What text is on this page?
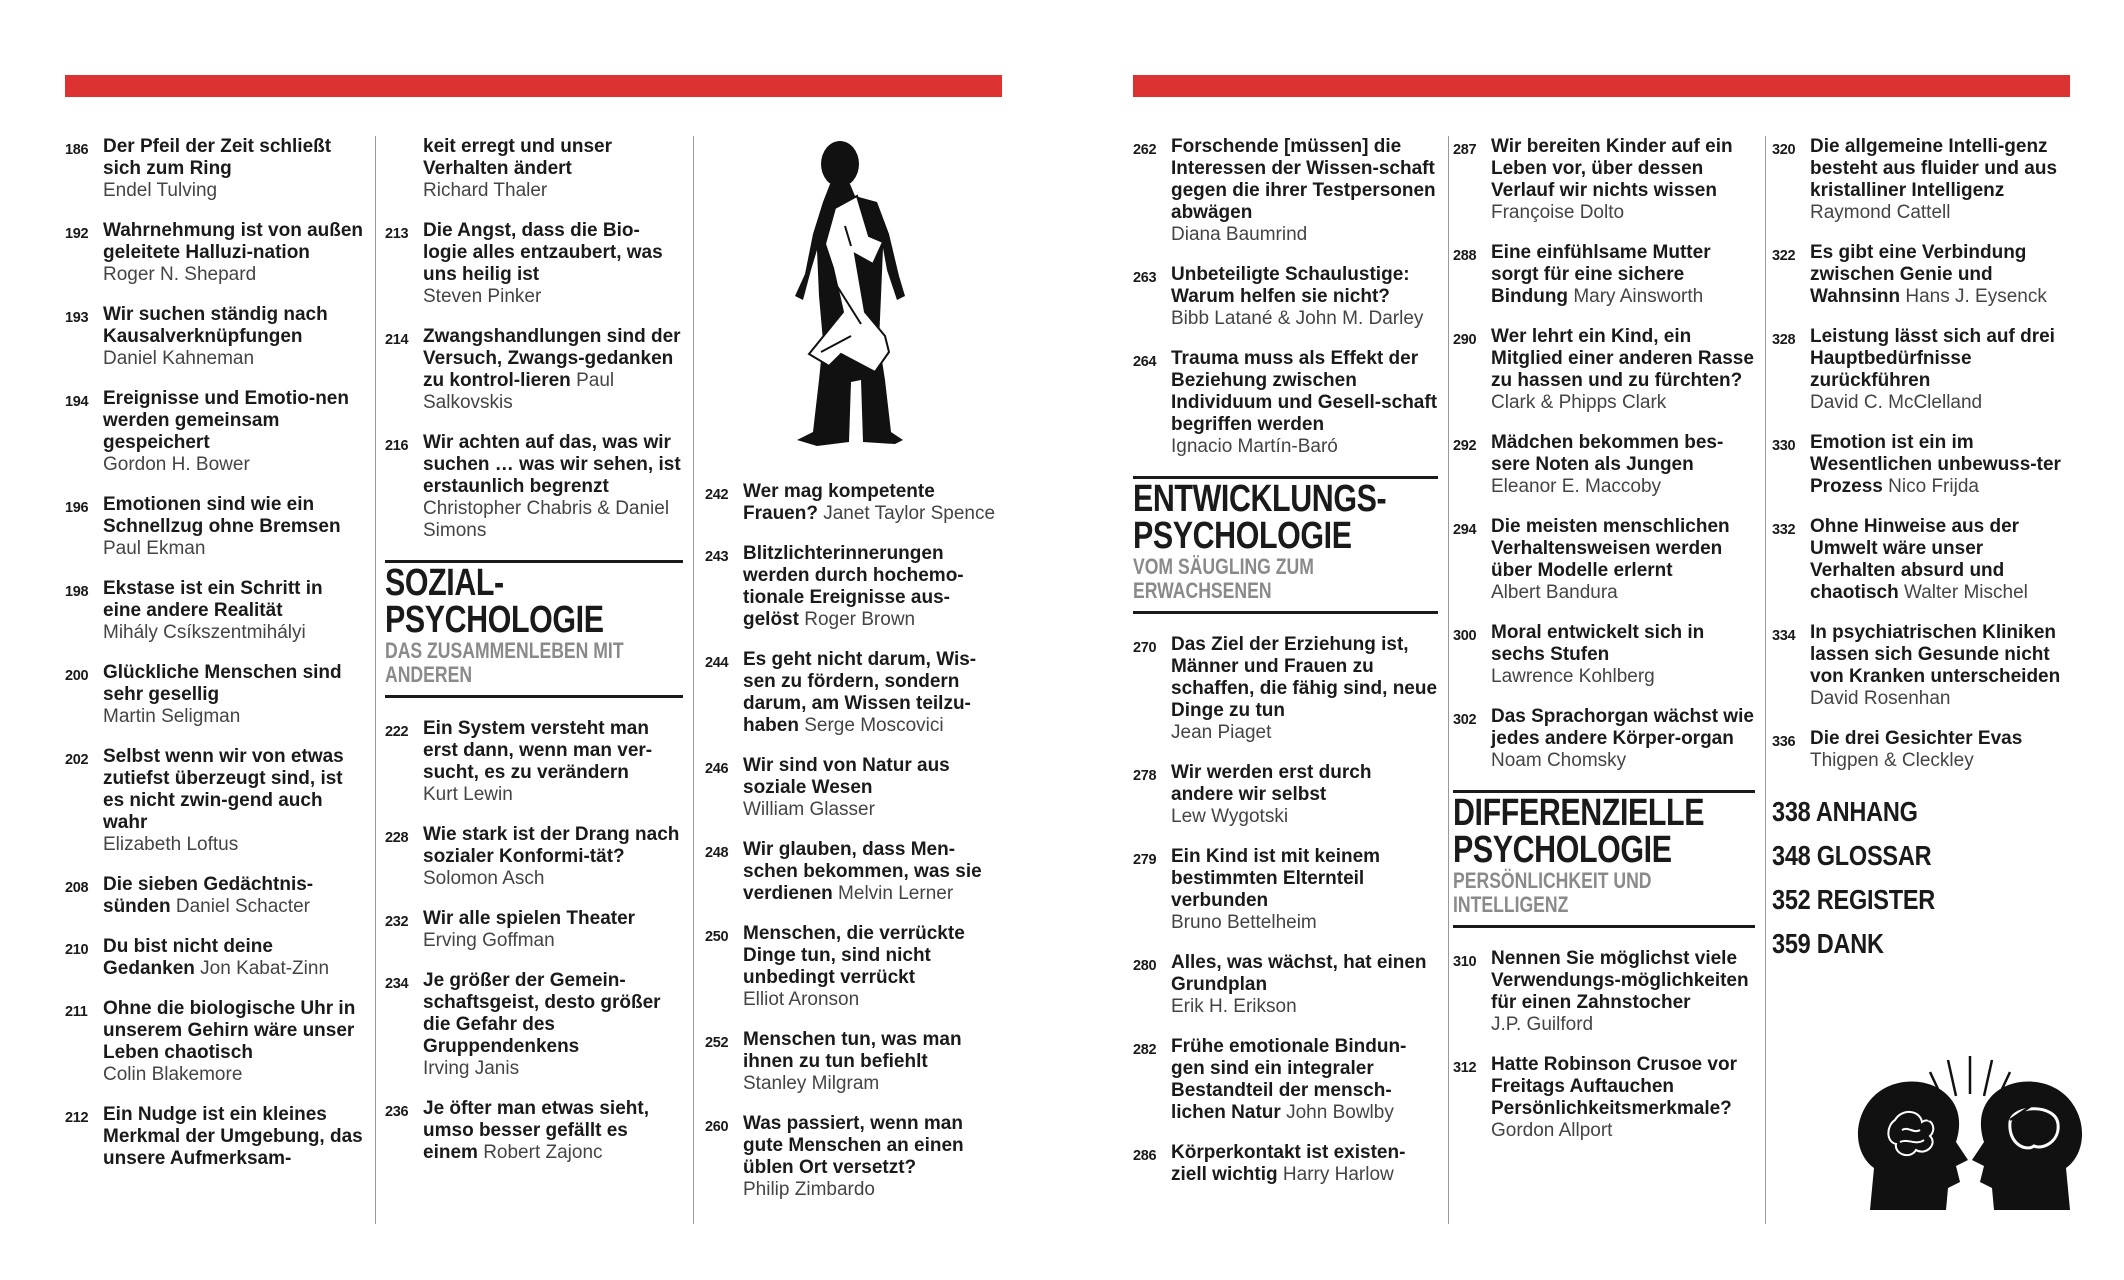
186 Der Pfeil der Zeit schließt sich zum Ring
Endel Tulving
192 Wahrnehmung ist von außen geleitete Halluzi-nation Roger N. Shepard
193 Wir suchen ständig nach Kausalverknüpfungen
Daniel Kahneman
194 Ereignisse und Emotio-nen werden gemeinsam gespeichert
Gordon H. Bower
196 Emotionen sind wie ein Schnellzug ohne Bremsen
Paul Ekman
198 Ekstase ist ein Schritt in eine andere Realität
Mihály Csíkszentmihályi
200 Glückliche Menschen sind sehr gesellig
Martin Seligman
202 Selbst wenn wir von etwas zutiefst überzeugt sind, ist es nicht zwin-gend auch wahr
Elizabeth Loftus
208 Die sieben Gedächtnis-sünden Daniel Schacter
210 Du bist nicht deine Gedanken Jon Kabat-Zinn
211 Ohne die biologische Uhr in unserem Gehirn wäre unser Leben chaotisch
Colin Blakemore
212 Ein Nudge ist ein kleines Merkmal der Umgebung, das unsere Aufmerksam-
keit erregt und unser Verhalten ändert
Richard Thaler
213 Die Angst, dass die Bio-logie alles entzaubert, was uns heilig ist
Steven Pinker
214 Zwangshandlungen sind der Versuch, Zwangs-gedanken zu kontrol-lieren Paul Salkovskis
216 Wir achten auf das, was wir suchen … was wir sehen, ist erstaunlich begrenzt Christopher Chabris & Daniel Simons
SOZIAL-
PSYCHOLOGIE
DAS ZUSAMMENLEBEN MIT
ANDEREN
222 Ein System versteht man erst dann, wenn man ver-sucht, es zu verändern
Kurt Lewin
228 Wie stark ist der Drang nach sozialer Konformi-tät? Solomon Asch
232 Wir alle spielen Theater
Erving Goffman
234 Je größer der Gemein-schaftsgeist, desto größer die Gefahr des Gruppendenkens
Irving Janis
236 Je öfter man etwas sieht, umso besser gefällt es einem Robert Zajonc
242 Wer mag kompetente Frauen? Janet Taylor Spence
243 Blitzlichterinnerungen werden durch hochemo-tionale Ereignisse aus-gelöst Roger Brown
244 Es geht nicht darum, Wis-sen zu fördern, sondern darum, am Wissen teilzu-haben Serge Moscovici
246 Wir sind von Natur aus soziale Wesen
William Glasser
248 Wir glauben, dass Men-schen bekommen, was sie verdienen Melvin Lerner
250 Menschen, die verrückte Dinge tun, sind nicht unbedingt verrückt
Elliot Aronson
252 Menschen tun, was man ihnen zu tun befiehlt
Stanley Milgram
260 Was passiert, wenn man gute Menschen an einen üblen Ort versetzt?
Philip Zimbardo
262 Forschende [müssen] die Interessen der Wissen-schaft gegen die ihrer Testpersonen abwägen
Diana Baumrind
263 Unbeteiligte Schaulustige: Warum helfen sie nicht?
Bibb Latané & John M. Darley
264 Trauma muss als Effekt der Beziehung zwischen Individuum und Gesell-schaft begriffen werden
Ignacio Martín-Baró
ENTWICKLUNGS-
PSYCHOLOGIE
VOM SÄUGLING ZUM
ERWACHSENEN
270 Das Ziel der Erziehung ist, Männer und Frauen zu schaffen, die fähig sind, neue Dinge zu tun
Jean Piaget
278 Wir werden erst durch andere wir selbst
Lew Wygotski
279 Ein Kind ist mit keinem bestimmten Elternteil verbunden
Bruno Bettelheim
280 Alles, was wächst, hat einen Grundplan
Erik H. Erikson
282 Frühe emotionale Bindun-gen sind ein integraler Bestandteil der mensch-lichen Natur John Bowlby
286 Körperkontakt ist existen-ziell wichtig Harry Harlow
287 Wir bereiten Kinder auf ein Leben vor, über dessen Verlauf wir nichts wissen Françoise Dolto
288 Eine einfühlsame Mutter sorgt für eine sichere Bindung Mary Ainsworth
290 Wer lehrt ein Kind, ein Mitglied einer anderen Rasse zu hassen und zu fürchten?
Clark & Phipps Clark
292 Mädchen bekommen bes-sere Noten als Jungen
Eleanor E. Maccoby
294 Die meisten menschlichen Verhaltensweisen werden über Modelle erlernt
Albert Bandura
300 Moral entwickelt sich in sechs Stufen
Lawrence Kohlberg
302 Das Sprachorgan wächst wie jedes andere Körper-organ Noam Chomsky
DIFFERENZIELLE
PSYCHOLOGIE
PERSÖNLICHKEIT UND
INTELLIGENZ
310 Nennen Sie möglichst viele Verwendungs-möglichkeiten für einen Zahnstocher
J.P. Guilford
312 Hatte Robinson Crusoe vor Freitags Auftauchen Persönlichkeitsmerkmale?
Gordon Allport
320 Die allgemeine Intelli-genz besteht aus fluider und aus kristalliner Intelligenz
Raymond Cattell
322 Es gibt eine Verbindung zwischen Genie und Wahnsinn Hans J. Eysenck
328 Leistung lässt sich auf drei Hauptbedürfnisse zurückführen
David C. McClelland
330 Emotion ist ein im Wesentlichen unbewuss-ter Prozess Nico Frijda
332 Ohne Hinweise aus der Umwelt wäre unser Verhalten absurd und chaotisch Walter Mischel
334 In psychiatrischen Kliniken lassen sich Gesunde nicht von Kranken unterscheiden
David Rosenhan
336 Die drei Gesichter Evas
Thigpen & Cleckley
338 ANHANG
348 GLOSSAR
352 REGISTER
359 DANK
